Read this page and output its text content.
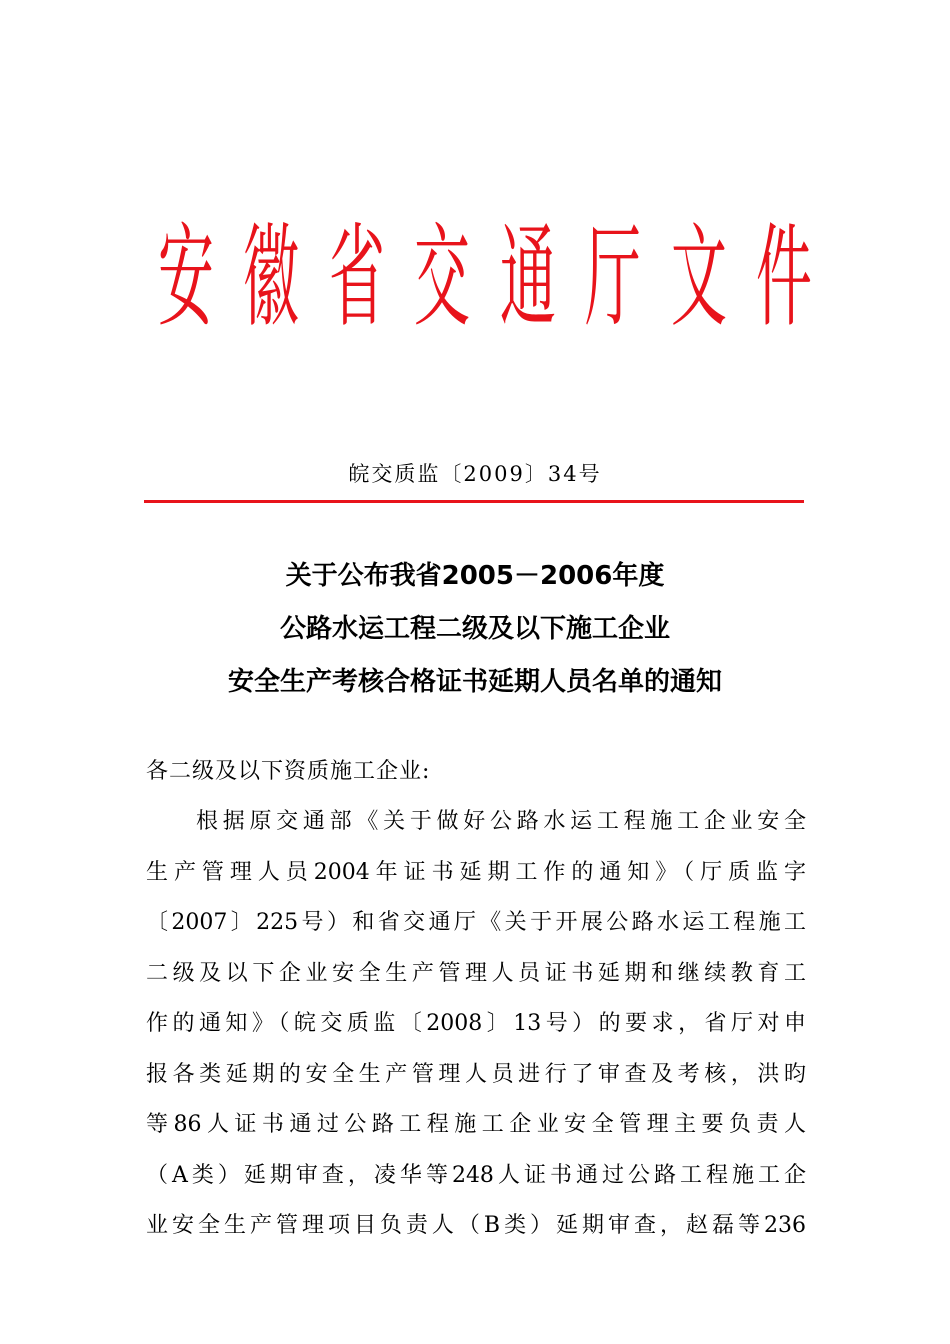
安 徽 省 交 通 厅 文 件
皖交质监〔2009〕34号
关于公布我省2005－2006年度
公路水运工程二级及以下施工企业
安全生产考核合格证书延期人员名单的通知
各二级及以下资质施工企业:
根据原交通部《关于做好公路水运工程施工企业安全
生产管理人员2004年证书延期工作的通知》（厅质监字
〔2007〕225号）和省交通厅《关于开展公路水运工程施工
二级及以下企业安全生产管理人员证书延期和继续教育工
作的通知》（皖交质监〔2008〕13号）的要求，省厅对申
报各类延期的安全生产管理人员进行了审查及考核，洪昀
等86人证书通过公路工程施工企业安全管理主要负责人
（A类）延期审查，凌华等248人证书通过公路工程施工企
业安全生产管理项目负责人（B类）延期审查，赵磊等236
